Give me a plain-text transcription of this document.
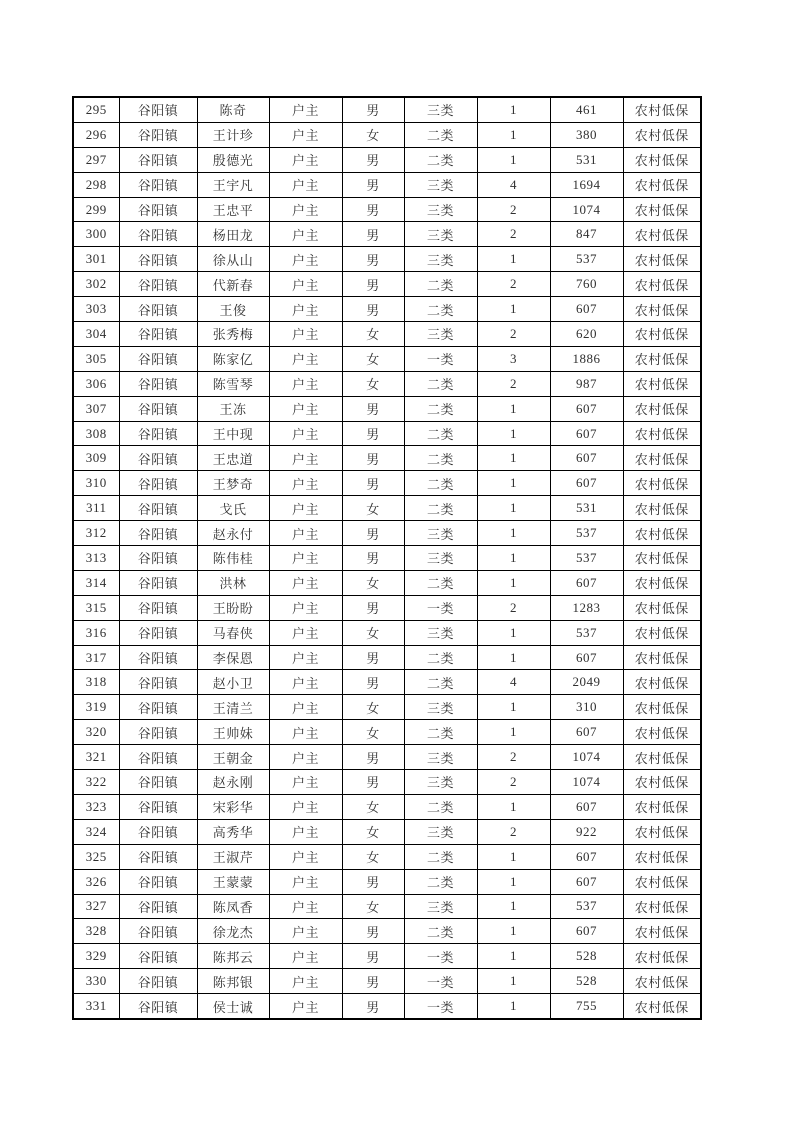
295	谷阳镇	陈奇	户主	男	三类	1	461	农村低保
296	谷阳镇	王计珍	户主	女	二类	1	380	农村低保
297	谷阳镇	殷德光	户主	男	二类	1	531	农村低保
298	谷阳镇	王宇凡	户主	男	三类	4	1694	农村低保
299	谷阳镇	王忠平	户主	男	三类	2	1074	农村低保
300	谷阳镇	杨田龙	户主	男	三类	2	847	农村低保
301	谷阳镇	徐从山	户主	男	三类	1	537	农村低保
302	谷阳镇	代新春	户主	男	二类	2	760	农村低保
303	谷阳镇	王俊	户主	男	二类	1	607	农村低保
304	谷阳镇	张秀梅	户主	女	三类	2	620	农村低保
305	谷阳镇	陈家亿	户主	女	一类	3	1886	农村低保
306	谷阳镇	陈雪琴	户主	女	二类	2	987	农村低保
307	谷阳镇	王冻	户主	男	二类	1	607	农村低保
308	谷阳镇	王中现	户主	男	二类	1	607	农村低保
309	谷阳镇	王忠道	户主	男	二类	1	607	农村低保
310	谷阳镇	王梦奇	户主	男	二类	1	607	农村低保
311	谷阳镇	戈氏	户主	女	二类	1	531	农村低保
312	谷阳镇	赵永付	户主	男	三类	1	537	农村低保
313	谷阳镇	陈伟桂	户主	男	三类	1	537	农村低保
314	谷阳镇	洪林	户主	女	二类	1	607	农村低保
315	谷阳镇	王盼盼	户主	男	一类	2	1283	农村低保
316	谷阳镇	马春侠	户主	女	三类	1	537	农村低保
317	谷阳镇	李保恩	户主	男	二类	1	607	农村低保
318	谷阳镇	赵小卫	户主	男	二类	4	2049	农村低保
319	谷阳镇	王清兰	户主	女	三类	1	310	农村低保
320	谷阳镇	王帅妹	户主	女	二类	1	607	农村低保
321	谷阳镇	王朝金	户主	男	三类	2	1074	农村低保
322	谷阳镇	赵永刚	户主	男	三类	2	1074	农村低保
323	谷阳镇	宋彩华	户主	女	二类	1	607	农村低保
324	谷阳镇	高秀华	户主	女	三类	2	922	农村低保
325	谷阳镇	王淑芹	户主	女	二类	1	607	农村低保
326	谷阳镇	王蒙蒙	户主	男	二类	1	607	农村低保
327	谷阳镇	陈凤香	户主	女	三类	1	537	农村低保
328	谷阳镇	徐龙杰	户主	男	二类	1	607	农村低保
329	谷阳镇	陈邦云	户主	男	一类	1	528	农村低保
330	谷阳镇	陈邦银	户主	男	一类	1	528	农村低保
331	谷阳镇	侯士诚	户主	男	一类	1	755	农村低保
